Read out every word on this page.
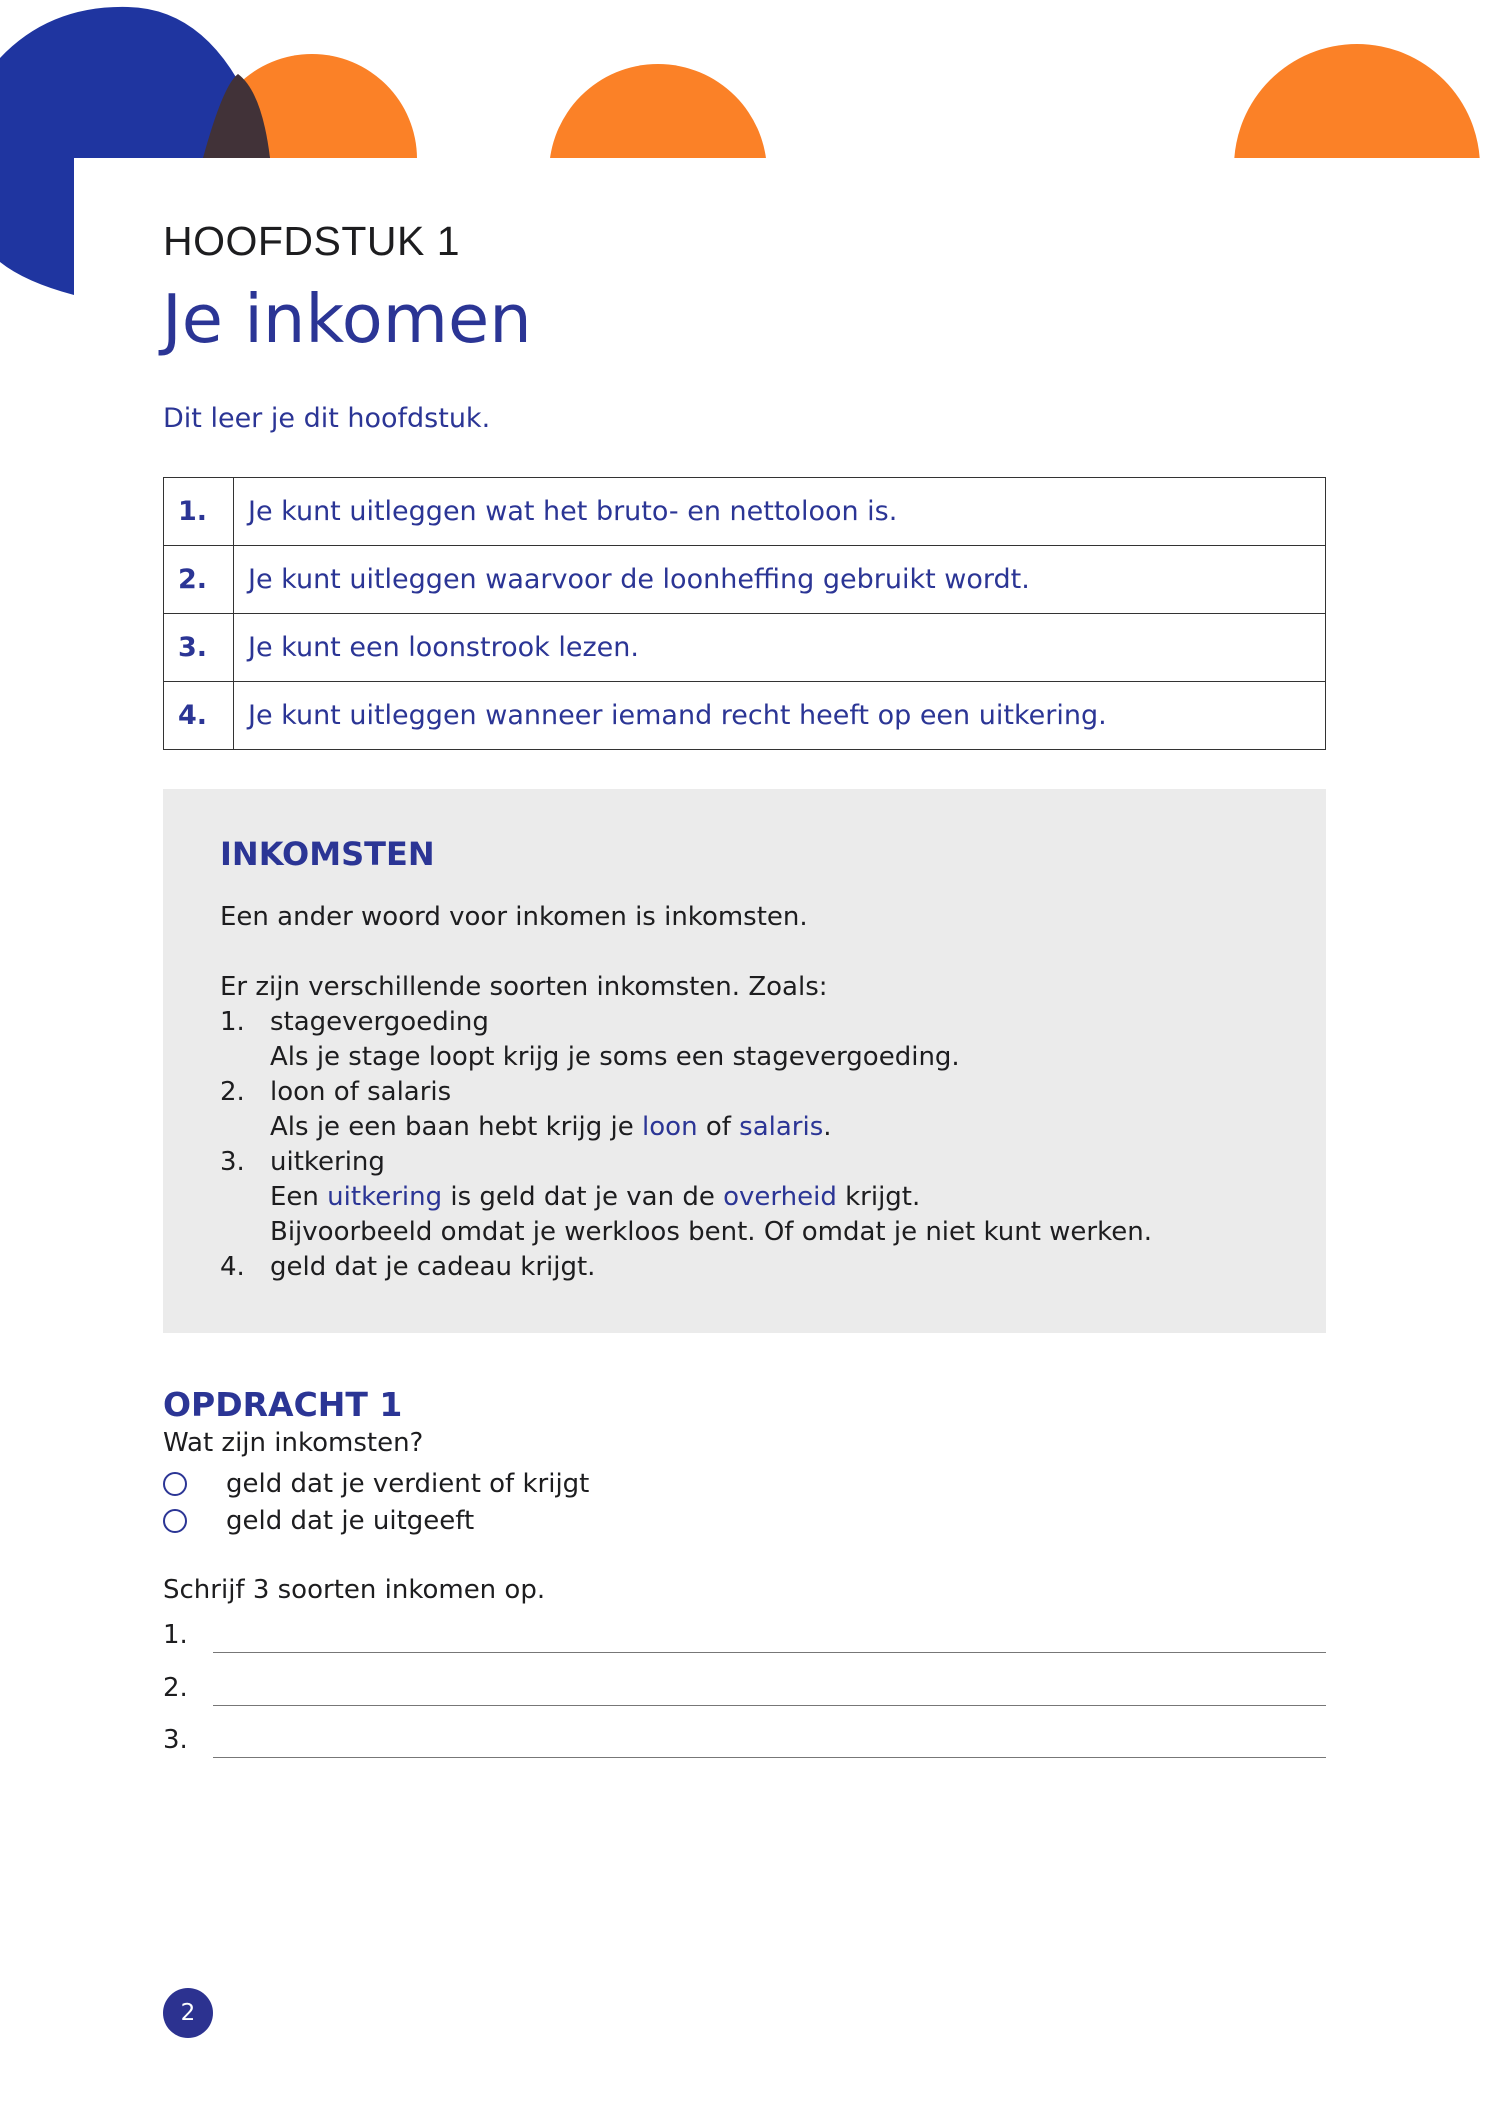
HOOFDSTUK 1
Je inkomen

Dit leer je dit hoofdstuk.

1.	Je kunt uitleggen wat het bruto- en nettoloon is.
2.	Je kunt uitleggen waarvoor de loonheffing gebruikt wordt.
3.	Je kunt een loonstrook lezen.
4.	Je kunt uitleggen wanneer iemand recht heeft op een uitkering.
INKOMSTEN

Een ander woord voor inkomen is inkomsten.

Er zijn verschillende soorten inkomsten. Zoals:

1. stagevergoeding
Als je stage loopt krijg je soms een stagevergoeding.
2. loon of salaris
Als je een baan hebt krijg je loon of salaris.
3. uitkering
Een uitkering is geld dat je van de overheid krijgt.
Bijvoorbeeld omdat je werkloos bent. Of omdat je niet kunt werken.
4. geld dat je cadeau krijgt.
OPDRACHT 1

Wat zijn inkomsten?

geld dat je verdient of krijgt
geld dat je uitgeeft

Schrijf 3 soorten inkomen op.

1.
2.
3.
2
